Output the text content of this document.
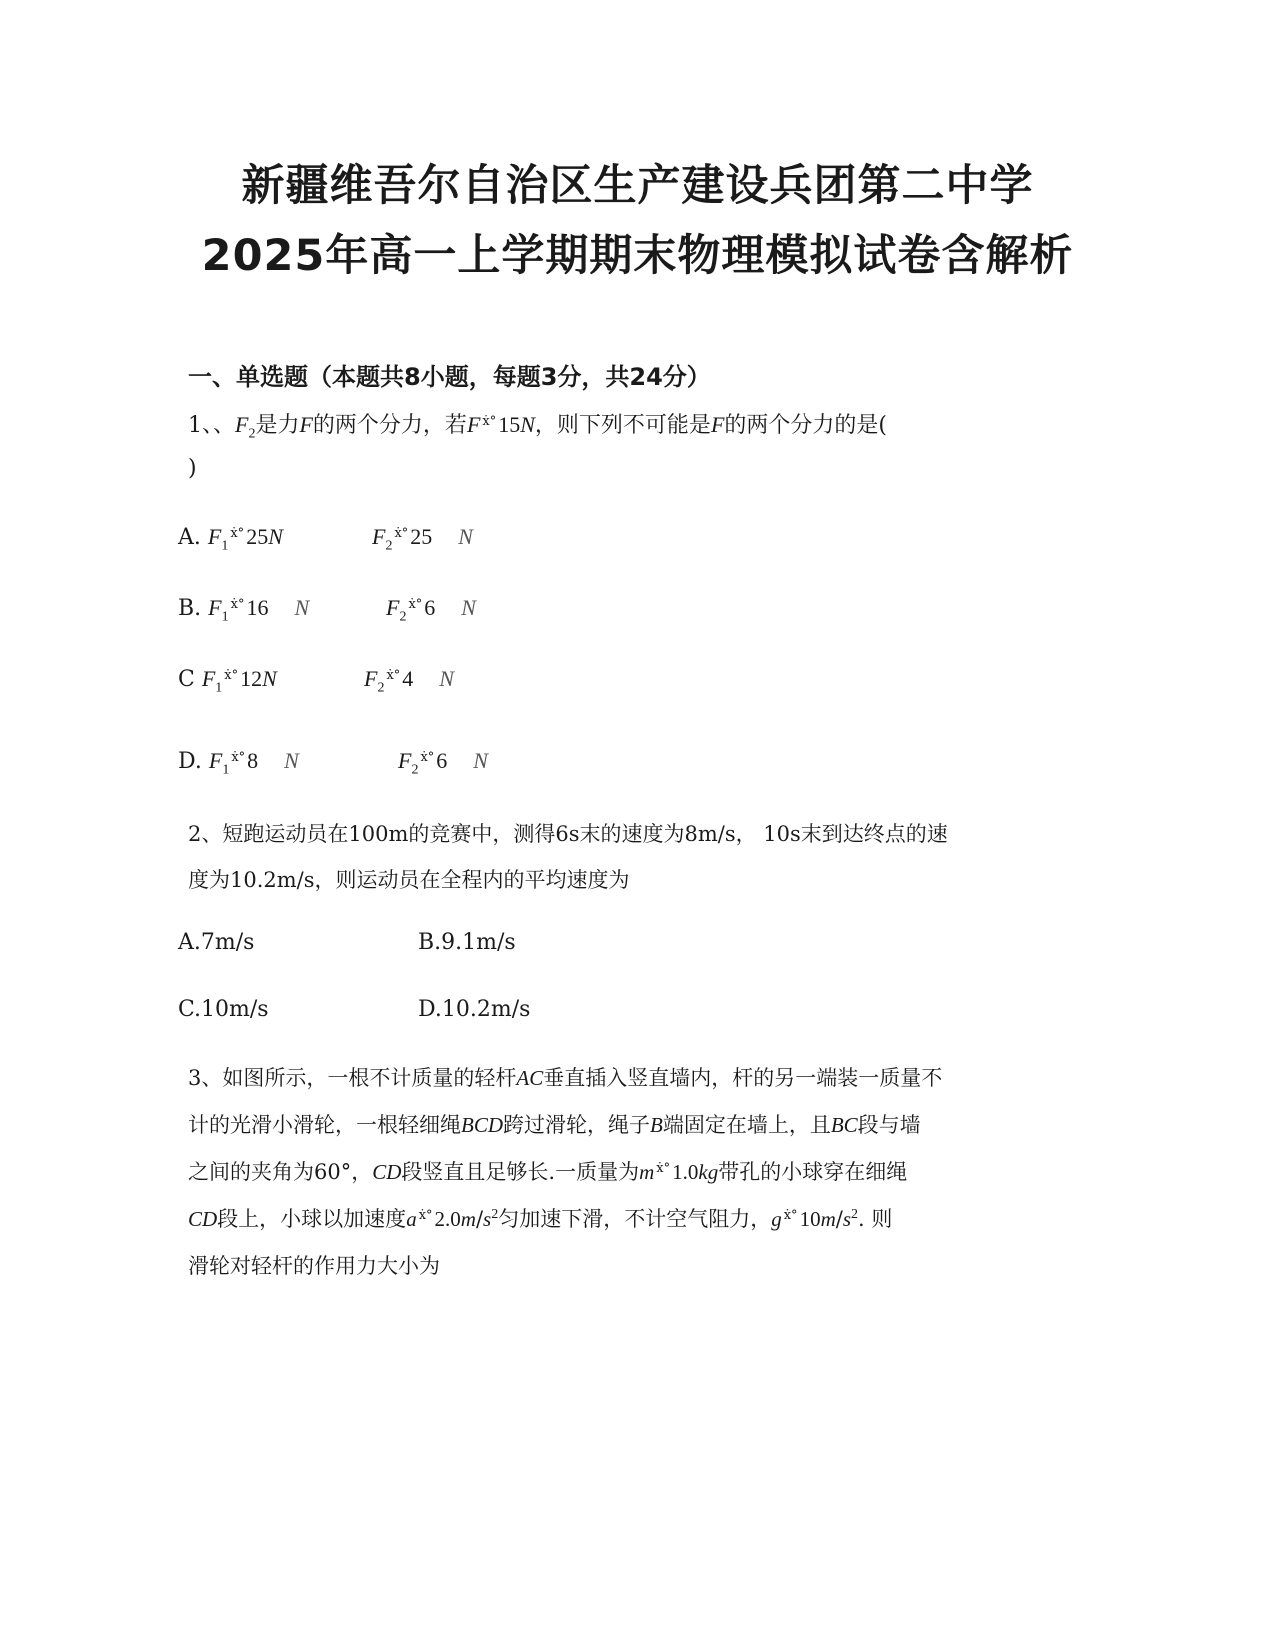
新疆维吾尔自治区生产建设兵团第二中学
2025年高一上学期期末物理模拟试卷含解析
一、单选题（本题共8小题，每题3分，共24分）
1、、$F_2$是力F的两个分力，若F $^{ẋ^\circ}$15N，则下列不可能是F的两个分力的是(
)
A. $F_1^{ẋ^\circ}25N$	$F_2^{ẋ^\circ}25$ N
B. $F_1^{ẋ^\circ}16$ N	$F_2^{ẋ^\circ}6$ N
C $F_1^{ẋ^\circ}12N$	$F_2^{ẋ^\circ}4$ N
D. $F_1^{ẋ^\circ}8$ N	$F_2^{ẋ^\circ}6$ N
2、短跑运动员在100m的竞赛中，测得6s末的速度为8m/s， 10s末到达终点的速
度为10.2m/s，则运动员在全程内的平均速度为
A.7m/s	B.9.1m/s
C.10m/s	D.10.2m/s
3、如图所示，一根不计质量的轻杆AC垂直插入竖直墙内，杆的另一端装一质量不
计的光滑小滑轮，一根轻细绳BCD跨过滑轮，绳子B端固定在墙上，且BC段与墙
之间的夹角为60°，CD段竖直且足够长.一质量为m $^{ẋ^\circ}$1.0kg带孔的小球穿在细绳
CD段上，小球以加速度a $^{ẋ^\circ}2.0m/s^2$匀加速下滑，不计空气阻力，g $^{ẋ^\circ}10m/s^2$. 则
滑轮对轻杆的作用力大小为
